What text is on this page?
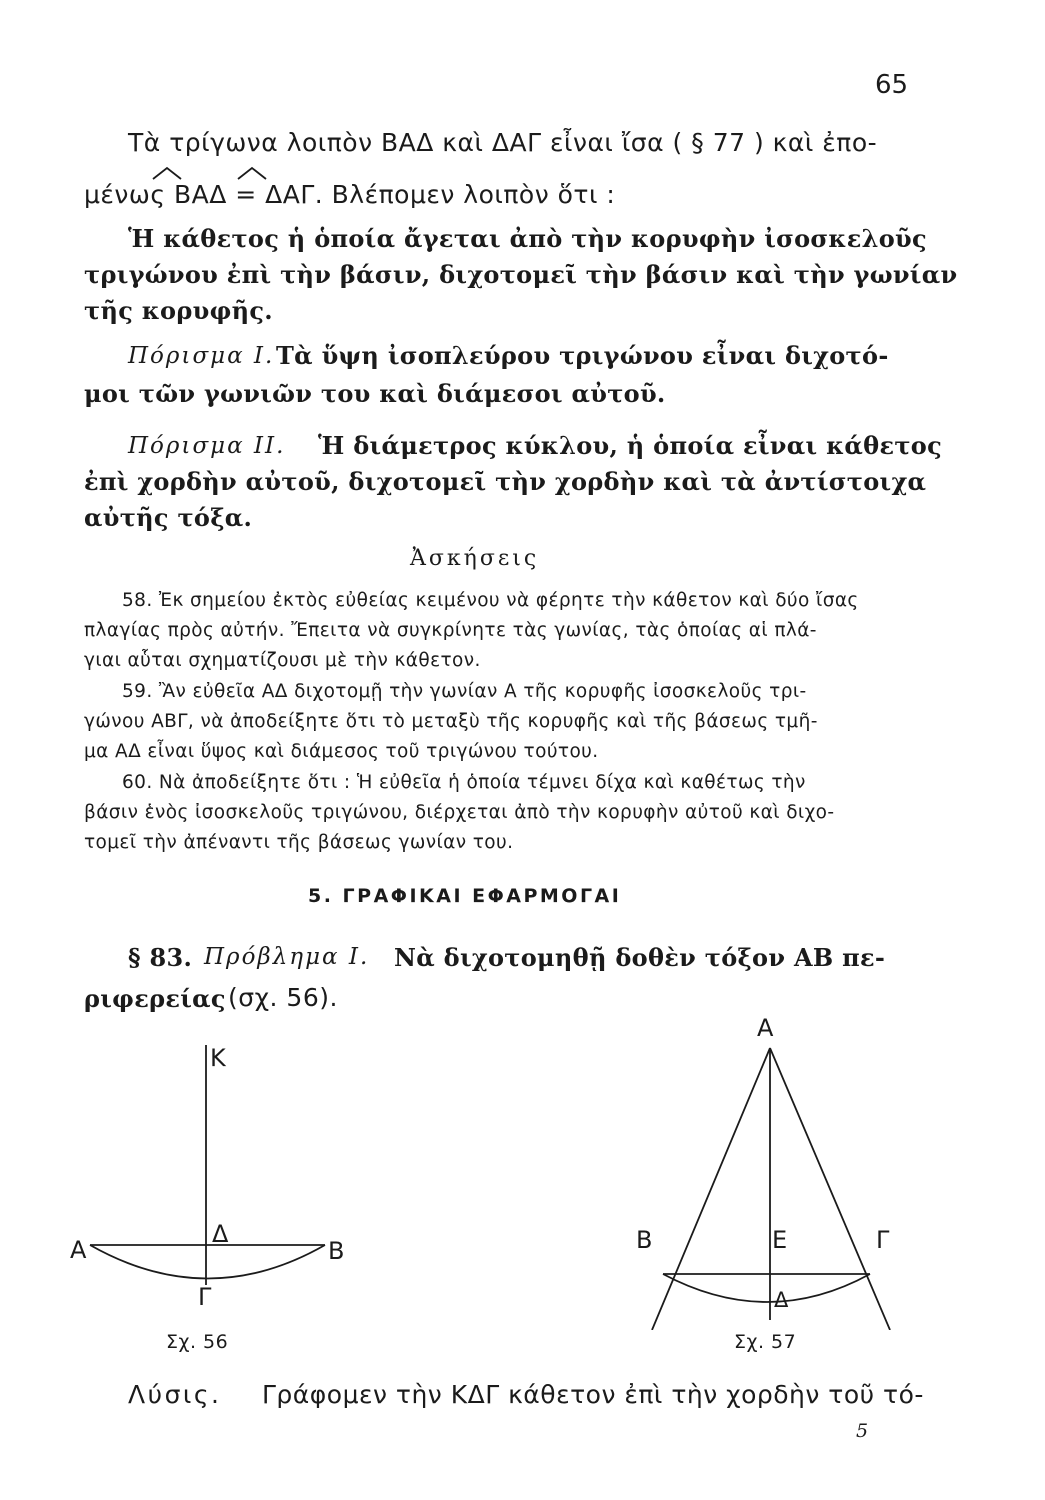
65
Τὰ τρίγωνα λοιπὸν ΒΑΔ καὶ ΔΑΓ εἶναι ἴσα ( § 77 ) καὶ ἐπο-
μένως ΒΑΔ = ΔΑΓ. Βλέπομεν λοιπὸν ὅτι :
Ἡ κάθετος ἡ ὁποία ἄγεται ἀπὸ τὴν κορυφὴν ἰσοσκελοῦς
τριγώνου ἐπὶ τὴν βάσιν, διχοτομεῖ τὴν βάσιν καὶ τὴν γωνίαν
τῆς κορυφῆς.
Πόρισμα Ι. Τὰ ὕψη ἰσοπλεύρου τριγώνου εἶναι διχοτό-
μοι τῶν γωνιῶν του καὶ διάμεσοι αὐτοῦ.
Πόρισμα ΙΙ. Ἡ διάμετρος κύκλου, ἡ ὁποία εἶναι κάθετος
ἐπὶ χορδὴν αὐτοῦ, διχοτομεῖ τὴν χορδὴν καὶ τὰ ἀντίστοιχα
αὐτῆς τόξα.
Ἀσκήσεις
58. Ἐκ σημείου ἐκτὸς εὐθείας κειμένου νὰ φέρητε τὴν κάθετον καὶ δύο ἴσας
πλαγίας πρὸς αὐτήν. Ἔπειτα νὰ συγκρίνητε τὰς γωνίας, τὰς ὁποίας αἱ πλά-
γιαι αὗται σχηματίζουσι μὲ τὴν κάθετον.
59. Ἂν εὐθεῖα ΑΔ διχοτομῇ τὴν γωνίαν Α τῆς κορυφῆς ἰσοσκελοῦς τρι-
γώνου ΑΒΓ, νὰ ἀποδείξητε ὅτι τὸ μεταξὺ τῆς κορυφῆς καὶ τῆς βάσεως τμῆ-
μα ΑΔ εἶναι ὕψος καὶ διάμεσος τοῦ τριγώνου τούτου.
60. Νὰ ἀποδείξητε ὅτι : Ἡ εὐθεῖα ἡ ὁποία τέμνει δίχα καὶ καθέτως τὴν
βάσιν ἑνὸς ἰσοσκελοῦς τριγώνου, διέρχεται ἀπὸ τὴν κορυφὴν αὐτοῦ καὶ διχο-
τομεῖ τὴν ἀπέναντι τῆς βάσεως γωνίαν του.
5. ΓΡΑΦΙΚΑΙ ΕΦΑΡΜΟΓΑΙ
§ 83. Πρόβλημα Ι. Νὰ διχοτομηθῇ δοθὲν τόξον ΑΒ πε-
ριφερείας (σχ. 56).
Κ
Α	Β
Δ
Γ
Σχ. 56
Α
Β	Ε	Γ
Δ
Σχ. 57
Λύσις. Γράφομεν τὴν ΚΔΓ κάθετον ἐπὶ τὴν χορδὴν τοῦ τό-
5
